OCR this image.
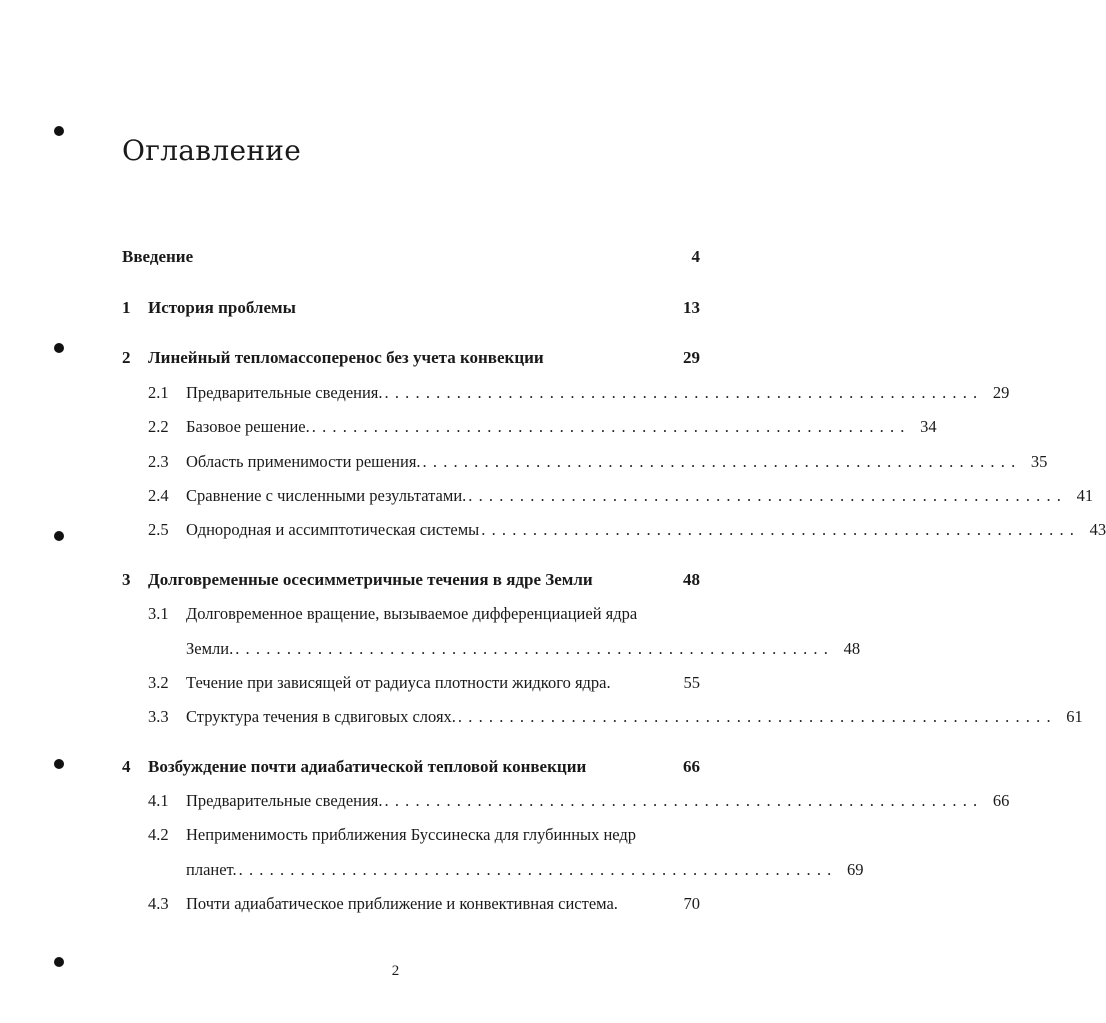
Оглавление
Введение	4
1	История проблемы	13
2	Линейный тепломассоперенос без учета конвекции	29
2.1	Предварительные сведения. .......................................................... 29
2.2	Базовое решение. .......................................................... 34
2.3	Область применимости решения. .......................................................... 35
2.4	Сравнение с численными результатами. .......................................................... 41
2.5	Однородная и ассимптотическая системы .......................................................... 43
3	Долговременные осесимметричные течения в ядре Земли	48
3.1	Долговременное вращение, вызываемое дифференциацией ядра
Земли. .......................................................... 48
3.2	Течение при зависящей от радиуса плотности жидкого ядра.	55
3.3	Структура течения в сдвиговых слоях. .......................................................... 61
4	Возбуждение почти адиабатической тепловой конвекции	66
4.1	Предварительные сведения. .......................................................... 66
4.2	Неприменимость приближения Буссинеска для глубинных недр
планет. .......................................................... 69
4.3	Почти адиабатическое приближение и конвективная система.	70
2
